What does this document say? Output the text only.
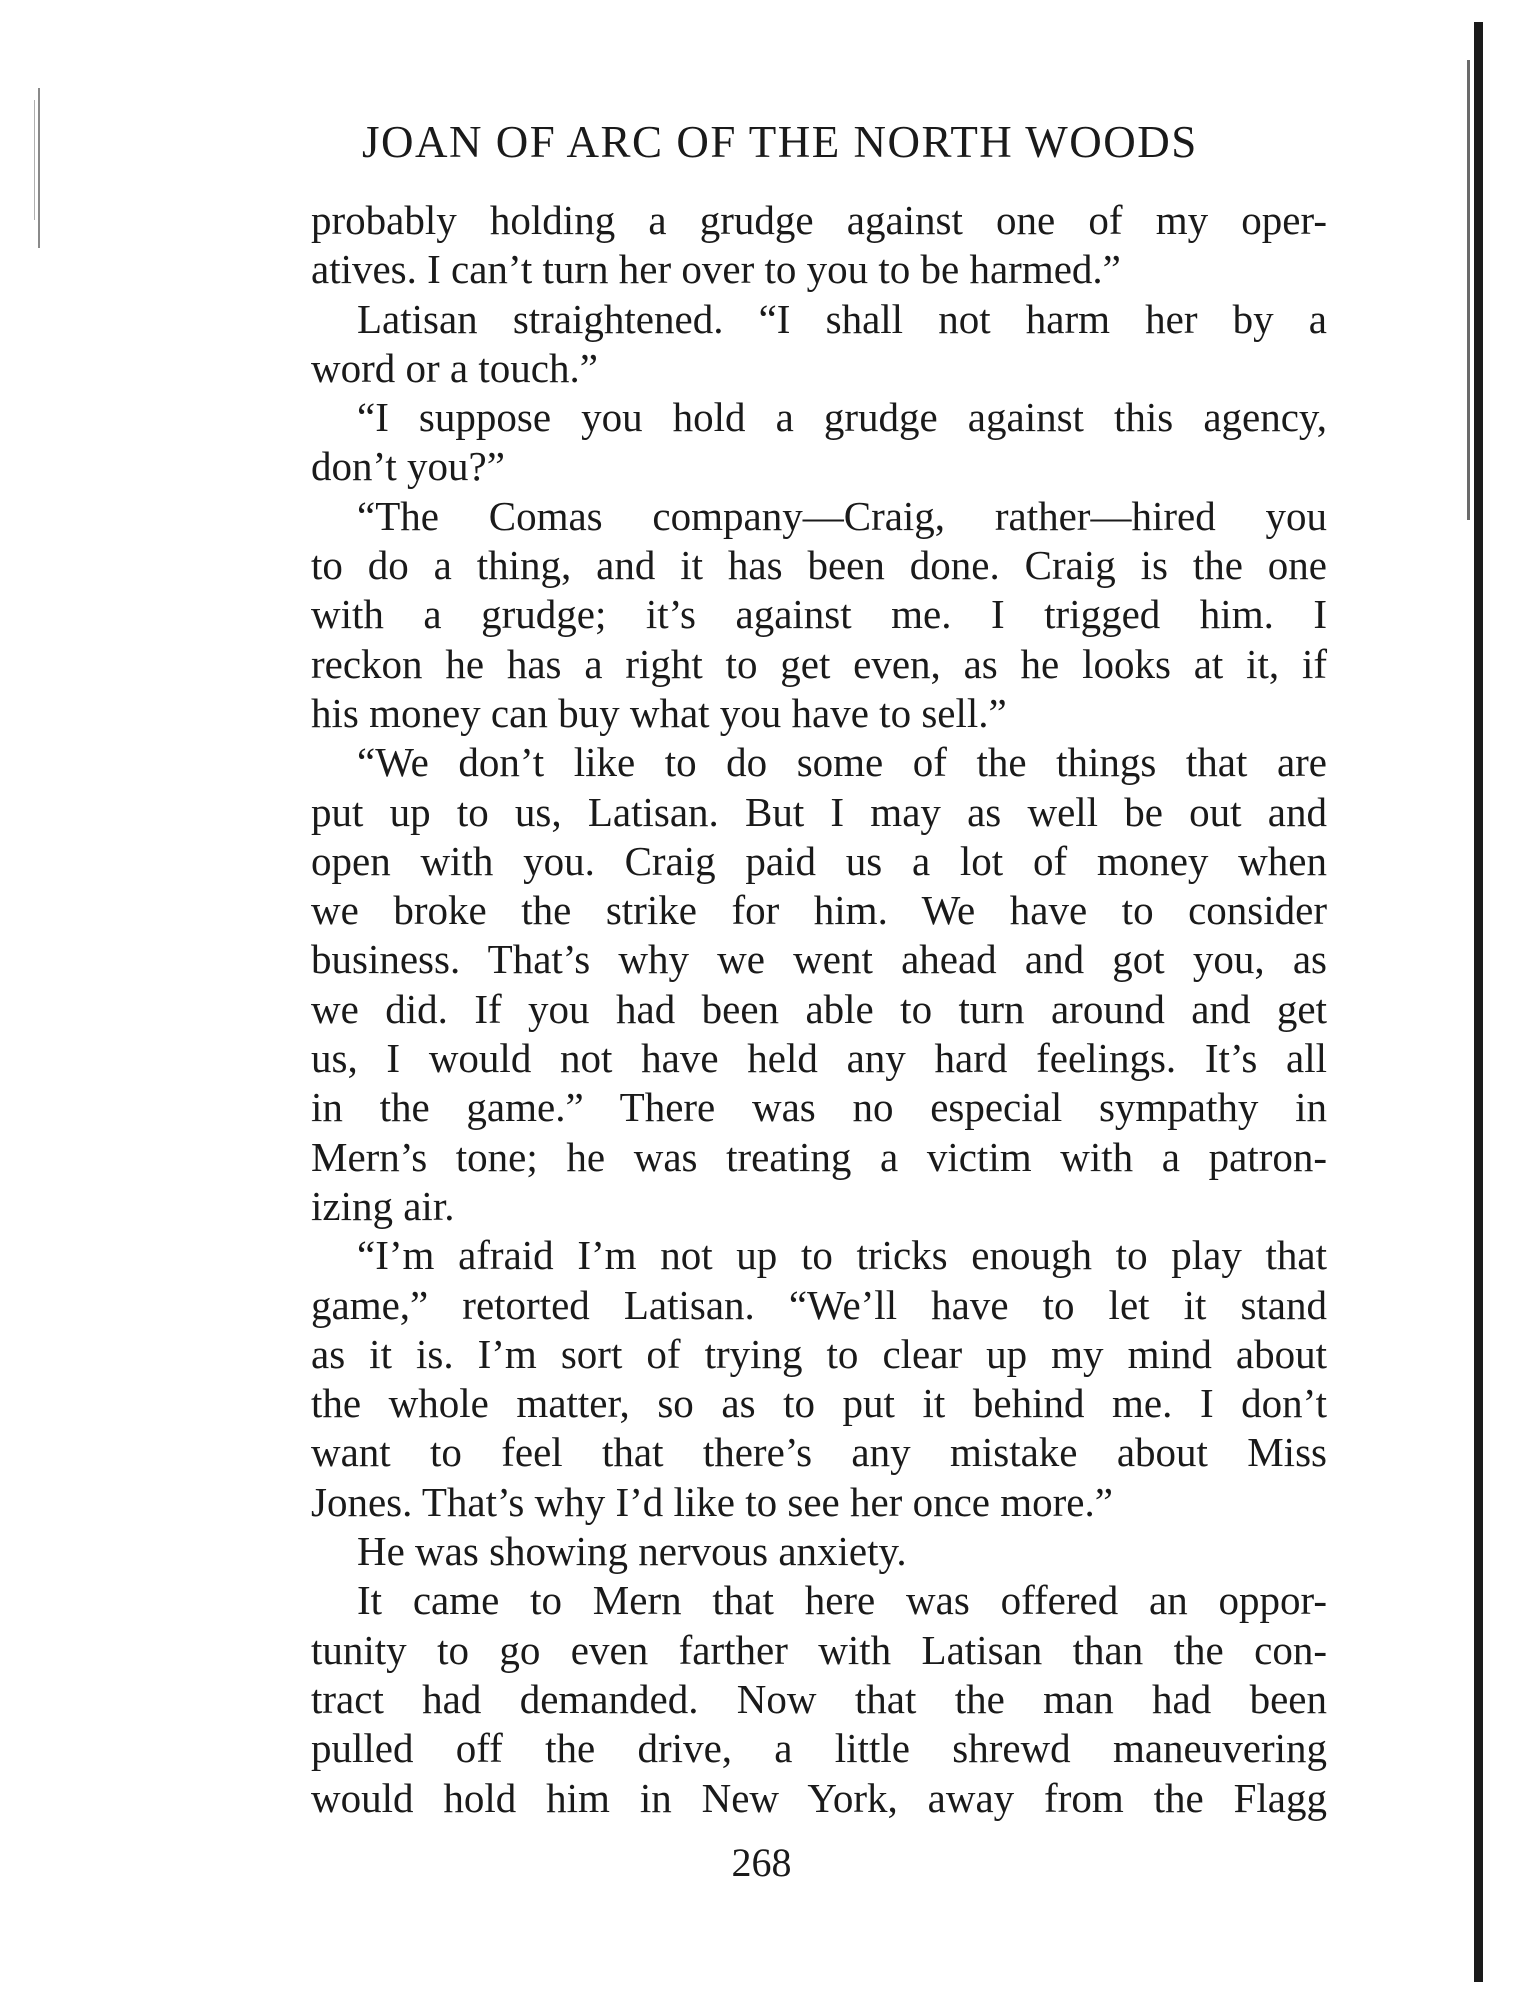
JOAN OF ARC OF THE NORTH WOODS
probably holding a grudge against one of my oper-
atives. I can’t turn her over to you to be harmed.”
Latisan straightened. “I shall not harm her by a
word or a touch.”
“I suppose you hold a grudge against this agency,
don’t you?”
“The Comas company—Craig, rather—hired you
to do a thing, and it has been done. Craig is the one
with a grudge; it’s against me. I trigged him. I
reckon he has a right to get even, as he looks at it, if
his money can buy what you have to sell.”
“We don’t like to do some of the things that are
put up to us, Latisan. But I may as well be out and
open with you. Craig paid us a lot of money when
we broke the strike for him. We have to consider
business. That’s why we went ahead and got you, as
we did. If you had been able to turn around and get
us, I would not have held any hard feelings. It’s all
in the game.” There was no especial sympathy in
Mern’s tone; he was treating a victim with a patron-
izing air.
“I’m afraid I’m not up to tricks enough to play that
game,” retorted Latisan. “We’ll have to let it stand
as it is. I’m sort of trying to clear up my mind about
the whole matter, so as to put it behind me. I don’t
want to feel that there’s any mistake about Miss
Jones. That’s why I’d like to see her once more.”
He was showing nervous anxiety.
It came to Mern that here was offered an oppor-
tunity to go even farther with Latisan than the con-
tract had demanded. Now that the man had been
pulled off the drive, a little shrewd maneuvering
would hold him in New York, away from the Flagg
268
